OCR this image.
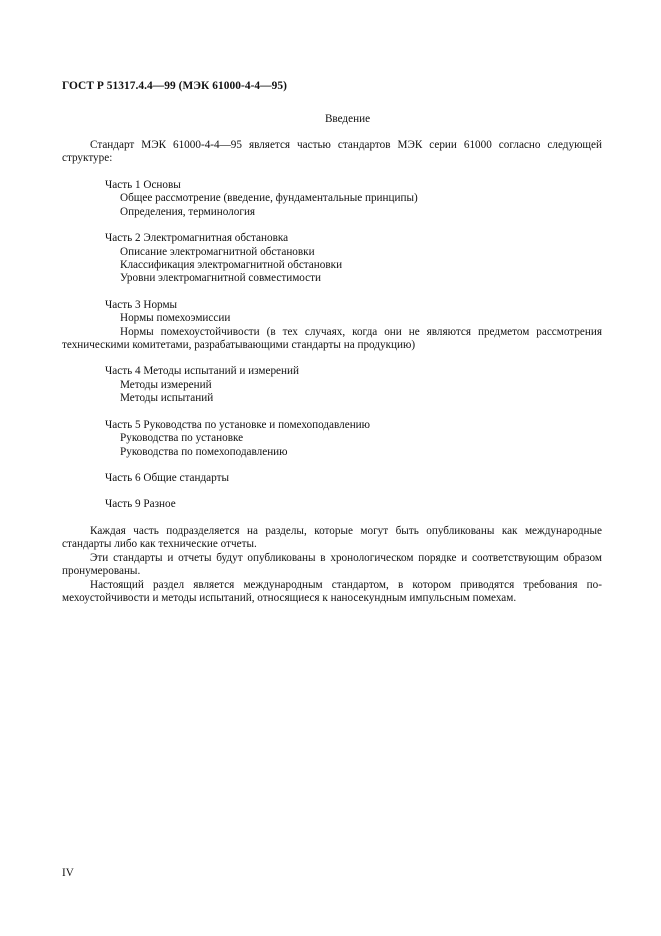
ГОСТ Р 51317.4.4—99 (МЭК 61000-4-4—95)
Введение
Стандарт МЭК 61000-4-4—95 является частью стандартов МЭК серии 61000 согласно следующей структуре:
Часть 1 Основы
Общее рассмотрение (введение, фундаментальные принципы)
Определения, терминология
Часть 2 Электромагнитная обстановка
Описание электромагнитной обстановки
Классификация электромагнитной обстановки
Уровни электромагнитной совместимости
Часть 3 Нормы
Нормы помехоэмиссии
Нормы помехоустойчивости (в тех случаях, когда они не являются предметом рассмотрения техническими комитетами, разрабатывающими стандарты на продукцию)
Часть 4 Методы испытаний и измерений
Методы измерений
Методы испытаний
Часть 5 Руководства по установке и помехоподавлению
Руководства по установке
Руководства по помехоподавлению
Часть 6 Общие стандарты
Часть 9 Разное

Каждая часть подразделяется на разделы, которые могут быть опубликованы как международные стандарты либо как технические отчеты.

Эти стандарты и отчеты будут опубликованы в хронологическом порядке и соответствующим образом пронумерованы.

Настоящий раздел является международным стандартом, в котором приводятся требования по-мехоустойчивости и методы испытаний, относящиеся к наносекундным импульсным помехам.

IV
